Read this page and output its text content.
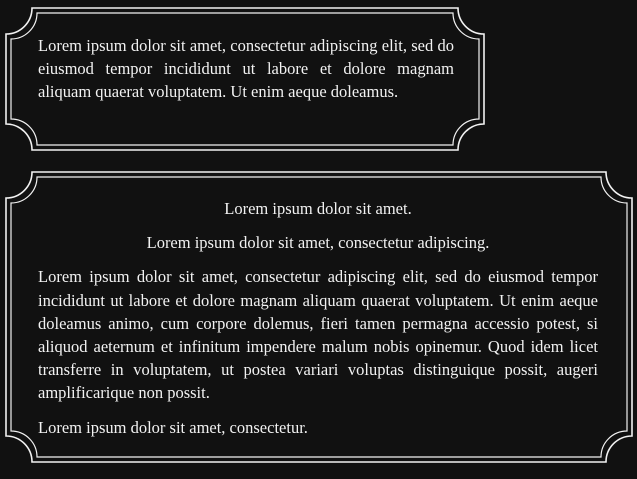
Lorem ipsum dolor sit amet, consectetur adipiscing elit, sed do eiusmod tempor incididunt ut labore et dolore magnam aliquam quaerat voluptatem. Ut enim aeque doleamus.

Lorem ipsum dolor sit amet.

Lorem ipsum dolor sit amet, consectetur adipiscing.

Lorem ipsum dolor sit amet, consectetur adipiscing elit, sed do eiusmod tempor incididunt ut labore et dolore magnam aliquam quaerat voluptatem. Ut enim aeque doleamus animo, cum corpore dolemus, fieri tamen permagna accessio potest, si aliquod aeternum et infinitum impendere malum nobis opinemur. Quod idem licet transferre in voluptatem, ut postea variari voluptas distinguique possit, augeri amplificarique non possit.

Lorem ipsum dolor sit amet, consectetur.
